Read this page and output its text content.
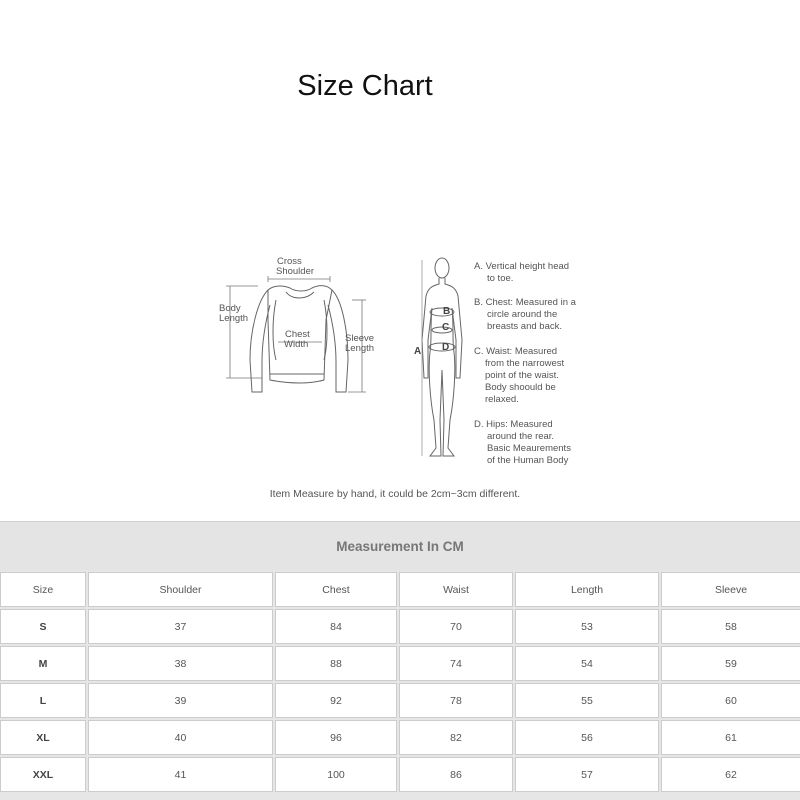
Size Chart
Cross
Shoulder
Body
Length
Chest
Width
Sleeve
Length
B
C
A D
A. Vertical height head
to toe.
B. Chest: Measured in a
circle around the
breasts and back.
C. Waist: Measured
from the narrowest
point of the waist.
Body shoould be
relaxed.
D. Hips: Measured
around the rear.
Basic Meaurements
of the Human Body
Item Measure by hand, it could be 2cm~3cm different.
Measurement In CM
Size	Shoulder	Chest	Waist	Length	Sleeve
S	37	84	70	53	58
M	38	88	74	54	59
L	39	92	78	55	60
XL	40	96	82	56	61
XXL	41	100	86	57	62
